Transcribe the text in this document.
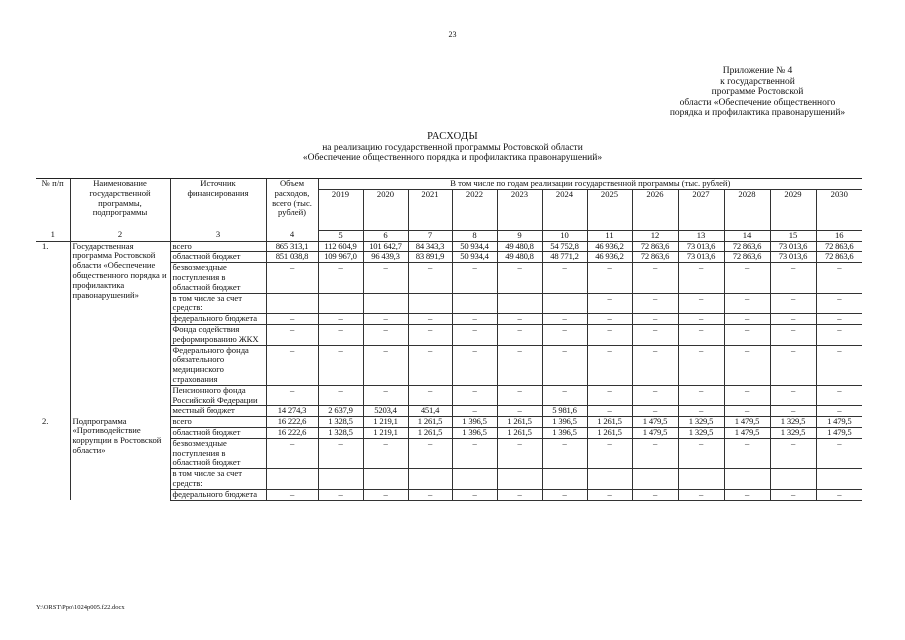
23
Приложение № 4
к государственной
программе Ростовской
области «Обеспечение общественного
порядка и профилактика правонарушений»
РАСХОДЫ
на реализацию государственной программы Ростовской области
«Обеспечение общественного порядка и профилактика правонарушений»
№ п/п	Наименование государственной программы, подпрограммы	Источник финансирования	Объем расходов, всего (тыс. рублей)	В том числе по годам реализации государственной программы (тыс. рублей)											
				2019	2020	2021	2022	2023	2024	2025	2026	2027	2028	2029	2030
1	2	3	4	5	6	7	8	9	10	11	12	13	14	15	16
1.	Государственная программа Ростовской области «Обеспечение общественного порядка и профилактика правонарушений»	всего	865 313,1	112 604,9	101 642,7	84 343,3	50 934,4	49 480,8	54 752,8	46 936,2	72 863,6	73 013,6	72 863,6	73 013,6	72 863,6
		областной бюджет	851 038,8	109 967,0	96 439,3	83 891,9	50 934,4	49 480,8	48 771,2	46 936,2	72 863,6	73 013,6	72 863,6	73 013,6	72 863,6
		безвозмездные поступления в областной бюджет	–	–	–	–	–	–	–	–	–	–	–	–	–
		в том числе за счет средств:								–	–	–	–	–	–
		федерального бюджета	–	–	–	–	–	–	–	–	–	–	–	–	–
		Фонда содействия реформированию ЖКХ	–	–	–	–	–	–	–	–	–	–	–	–	–
		Федерального фонда обязательного медицинского страхования	–	–	–	–	–	–	–	–	–	–	–	–	–
		Пенсионного фонда Российской Федерации	–	–	–	–	–	–	–	–	–	–	–	–	–
		местный бюджет	14 274,3	2 637,9	5203,4	451,4	–	–	5 981,6	–	–	–	–	–	–
2.	Подпрограмма «Противодействие коррупции в Ростовской области»	всего	16 222,6	1 328,5	1 219,1	1 261,5	1 396,5	1 261,5	1 396,5	1 261,5	1 479,5	1 329,5	1 479,5	1 329,5	1 479,5
		областной бюджет	16 222,6	1 328,5	1 219,1	1 261,5	1 396,5	1 261,5	1 396,5	1 261,5	1 479,5	1 329,5	1 479,5	1 329,5	1 479,5
		безвозмездные поступления в областной бюджет	–	–	–	–	–	–	–	–	–	–	–	–	–
		в том числе за счет средств:													
		федерального бюджета	–	–	–	–	–	–	–	–	–	–	–	–	–
Y:\ORST\Ppo\1024p005.f22.docx
